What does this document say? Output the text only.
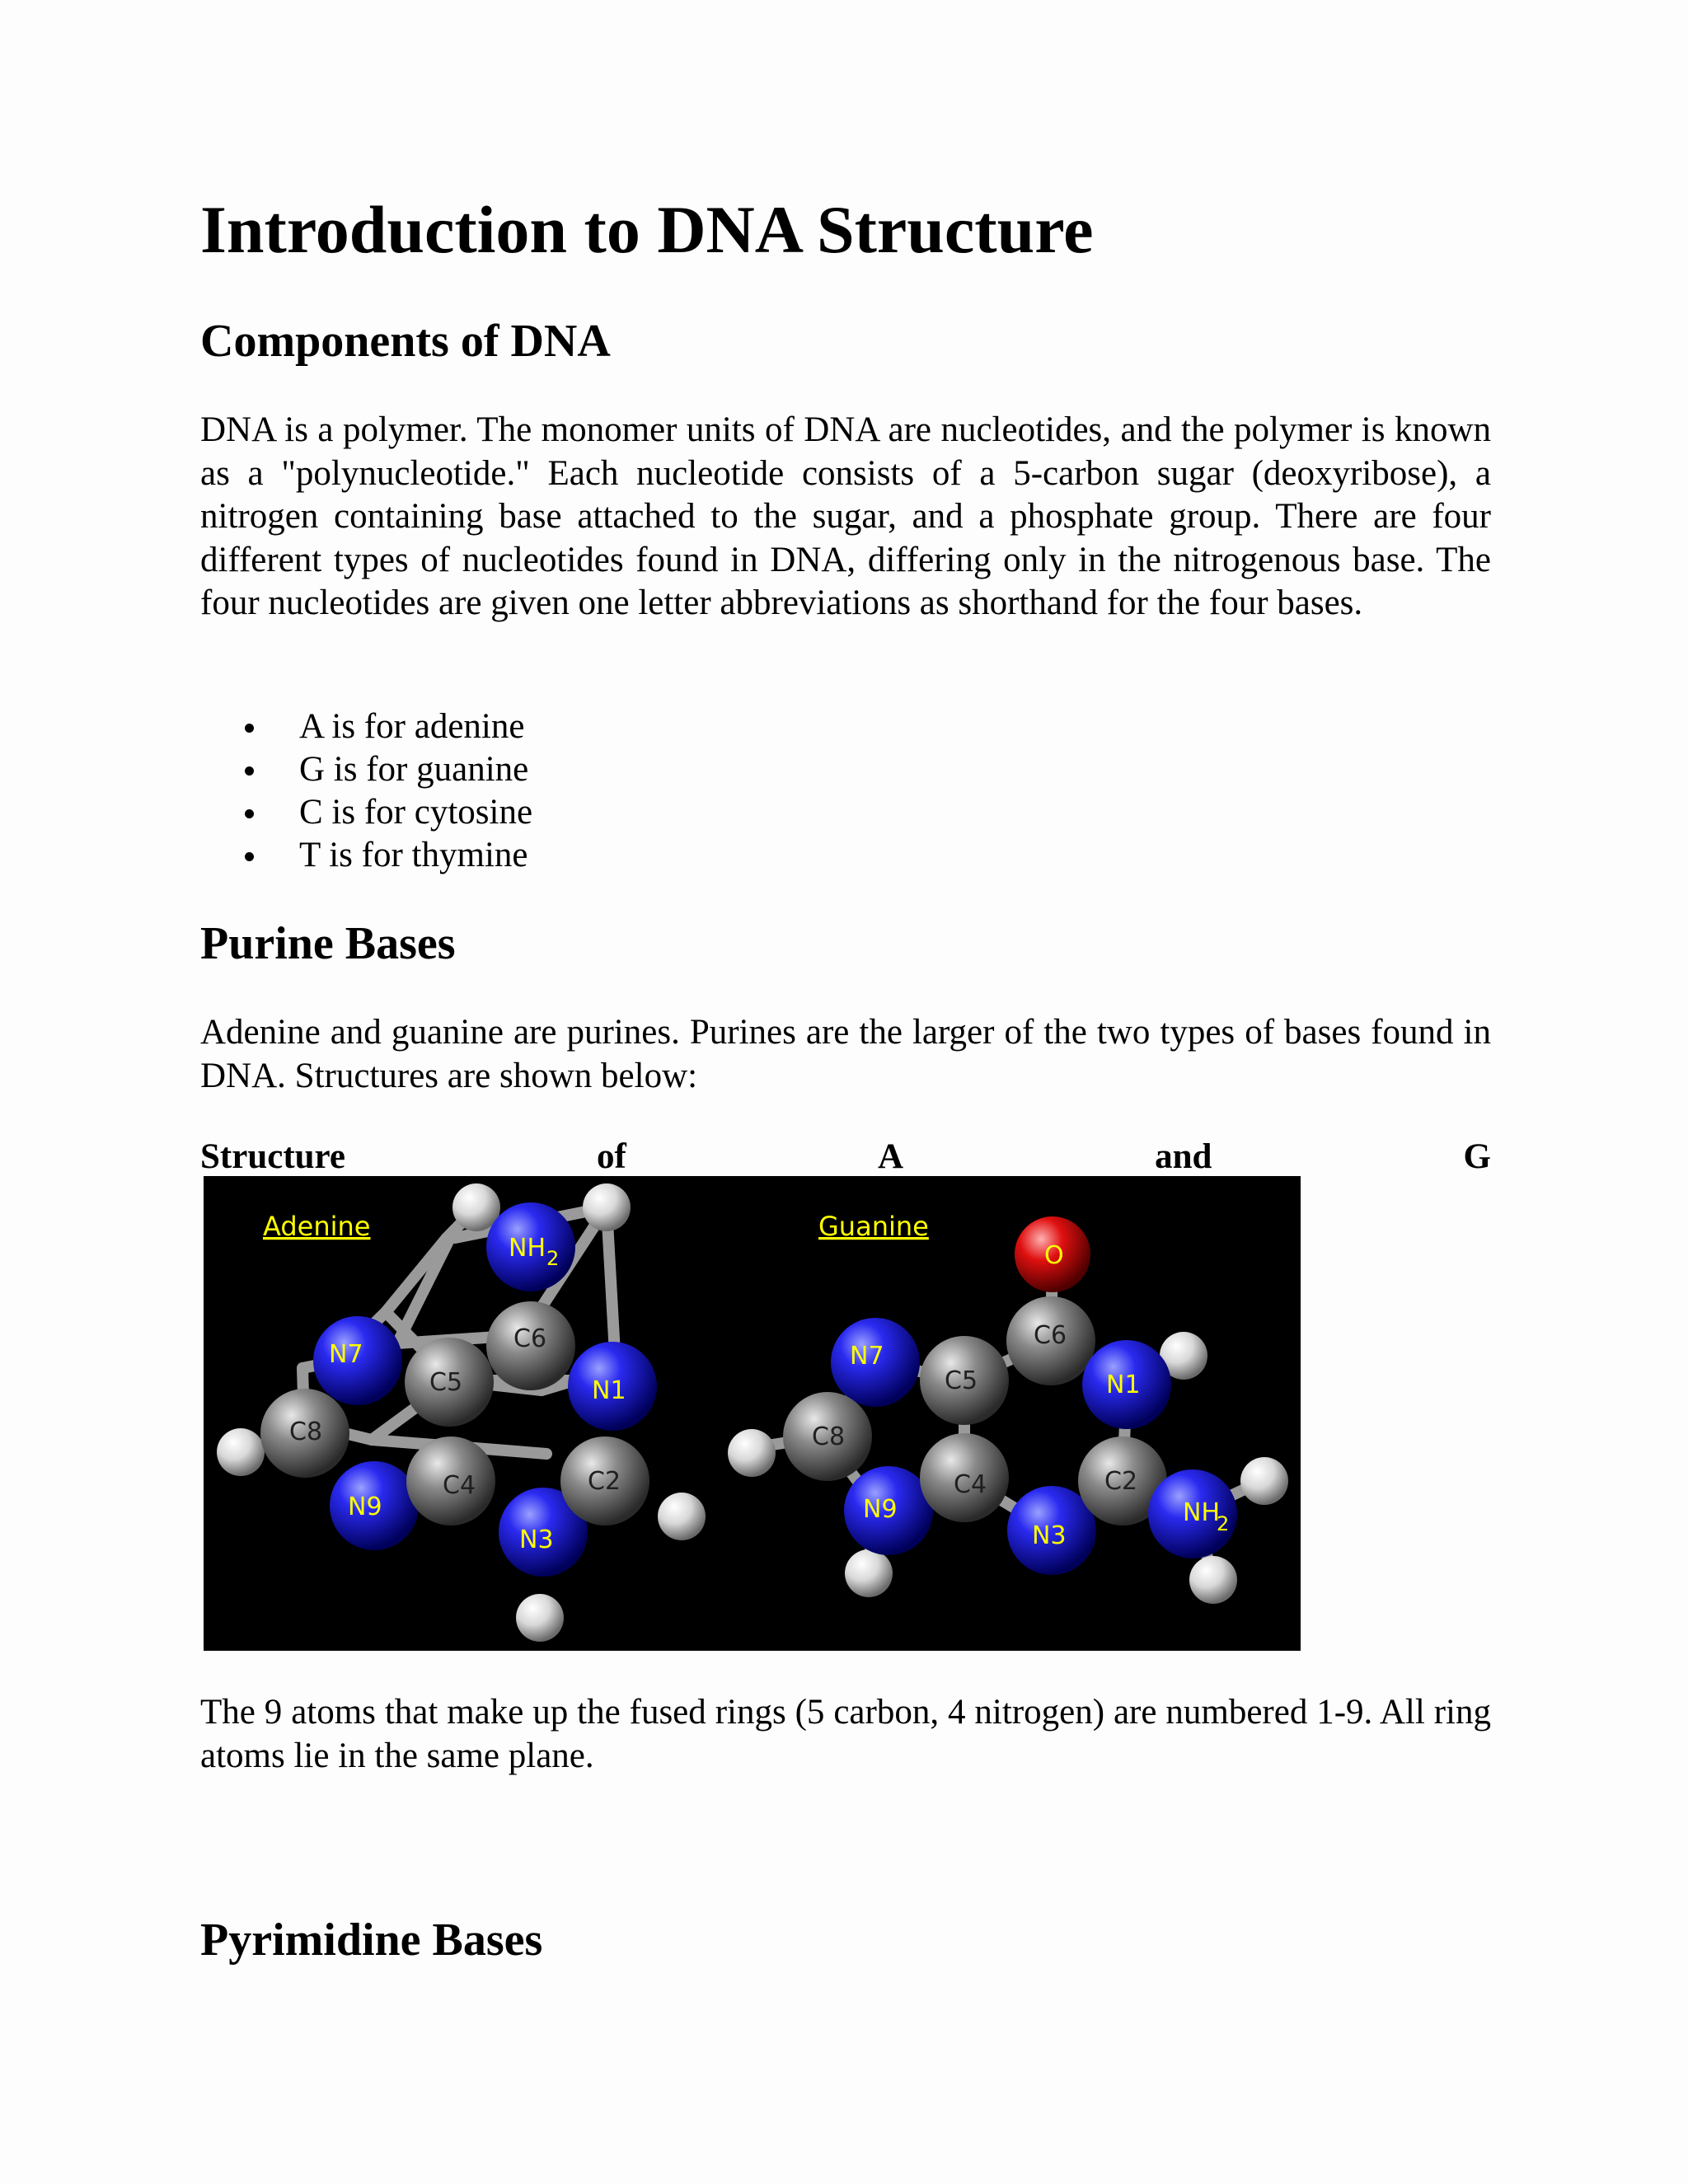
Introduction to DNA Structure
Components of DNA

DNA is a polymer. The monomer units of DNA are nucleotides, and the polymer is known as a "polynucleotide." Each nucleotide consists of a 5-carbon sugar (deoxyribose), a nitrogen containing base attached to the sugar, and a phosphate group. There are four different types of nucleotides found in DNA, differing only in the nitrogenous base. The four nucleotides are given one letter abbreviations as shorthand for the four bases.

A is for adenine
G is for guanine
C is for cytosine
T is for thymine
Purine Bases

Adenine and guanine are purines. Purines are the larger of the two types of bases found in DNA. Structures are shown below:

Structure	of	A	and	G
Adenine
NH 2
C6
C5
N7
C8
N9
C4
N3
C2
N1
Guanine
O
C6
C5
N7
C8
N9
C4
N3
C2
N1
NH
2

The 9 atoms that make up the fused rings (5 carbon, 4 nitrogen) are numbered 1-9. All ring atoms lie in the same plane.

Pyrimidine Bases
